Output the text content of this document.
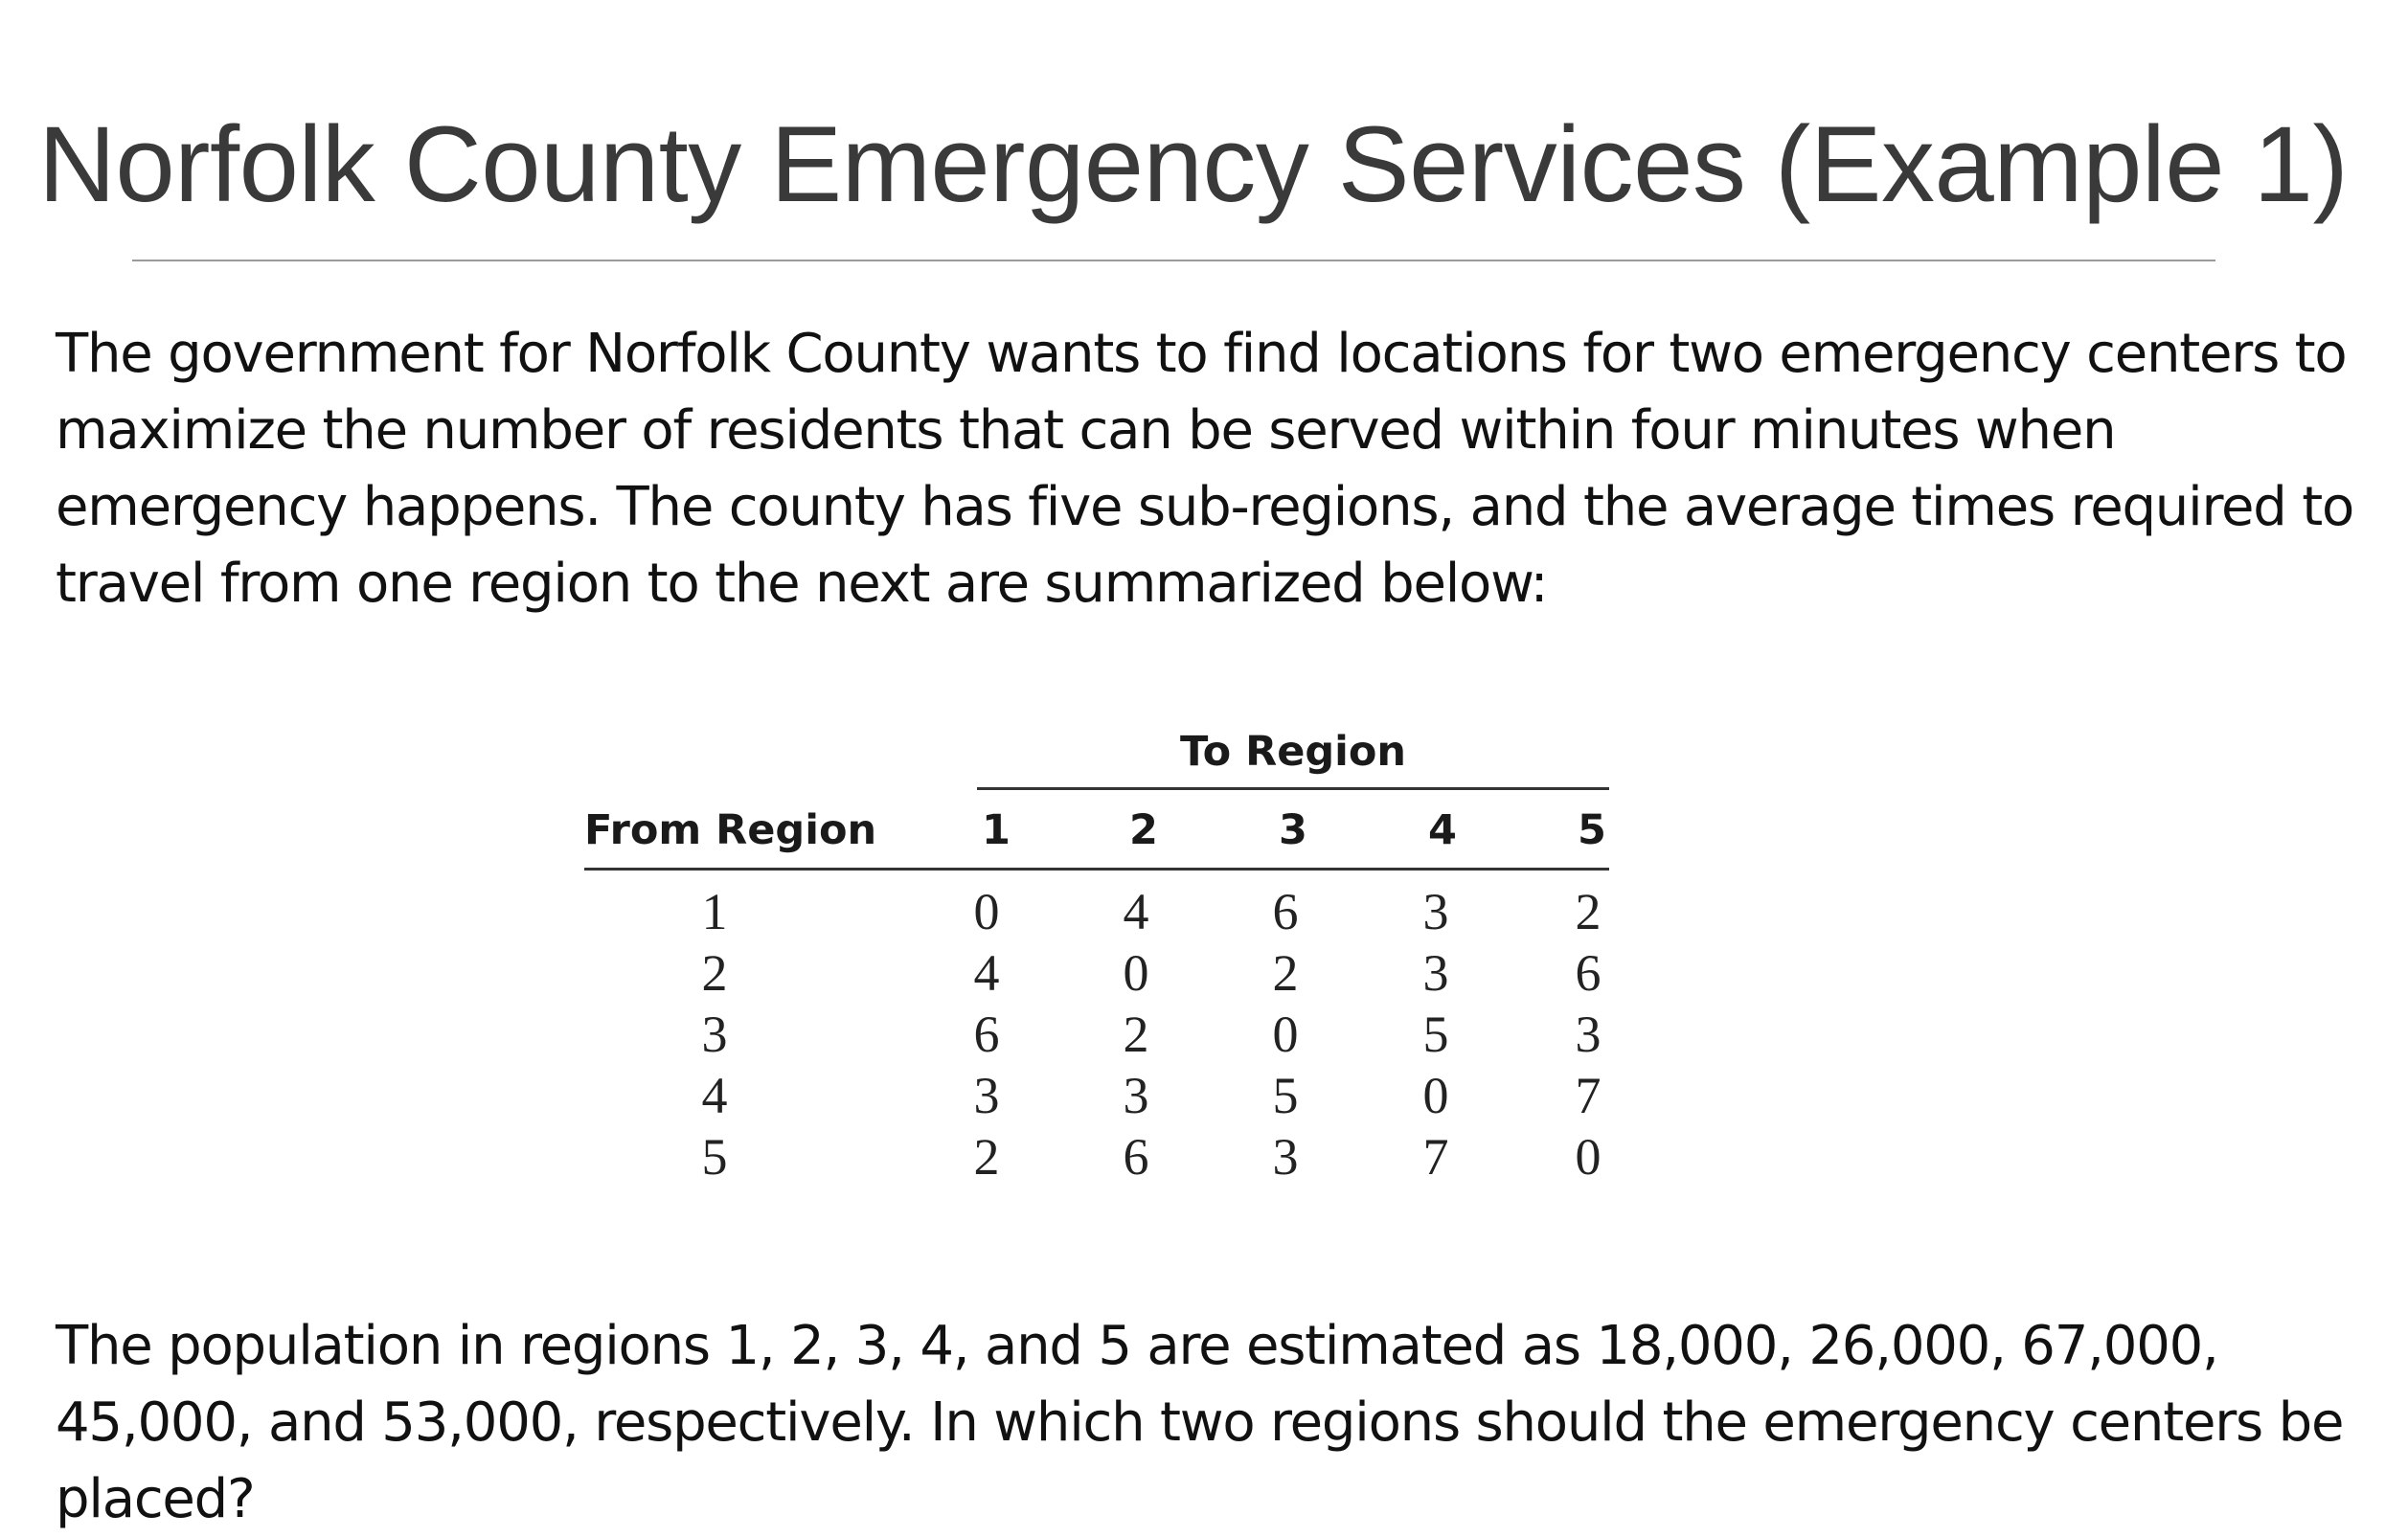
Norfolk County Emergency Services (Example 1)

The government for Norfolk County wants to find locations for two emergency centers to maximize the number of residents that can be served within four minutes when emergency happens. The county has five sub-regions, and the average times required to travel from one region to the next are summarized below:

To Region
From Region	1	2	3	4	5
1	0	4	6	3	2
2	4	0	2	3	6
3	6	2	0	5	3
4	3	3	5	0	7
5	2	6	3	7	0

The population in regions 1, 2, 3, 4, and 5 are estimated as 18,000, 26,000, 67,000, 45,000, and 53,000, respectively. In which two regions should the emergency centers be placed?
